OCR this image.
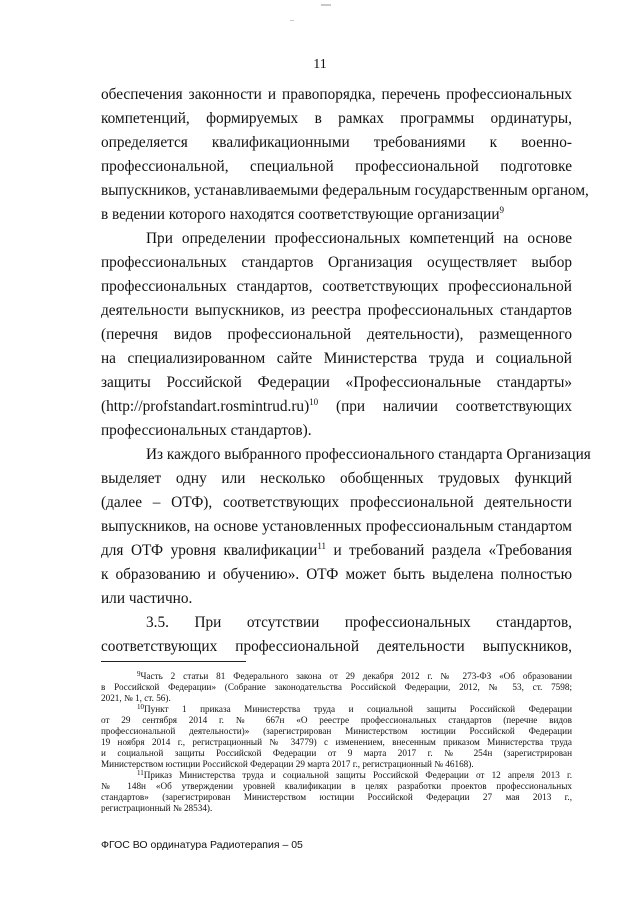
11
обеспечения законности и правопорядка, перечень профессиональных
компетенций, формируемых в рамках программы ординатуры,
определяется квалификационными требованиями к военно-
профессиональной, специальной профессиональной подготовке
выпускников, устанавливаемыми федеральным государственным органом,
в ведении которого находятся соответствующие организации$^9$
При определении профессиональных компетенций на основе
профессиональных стандартов Организация осуществляет выбор
профессиональных стандартов, соответствующих профессиональной
деятельности выпускников, из реестра профессиональных стандартов
(перечня видов профессиональной деятельности), размещенного
на специализированном сайте Министерства труда и социальной
защиты Российской Федерации «Профессиональные стандарты»
(http://profstandart.rosmintrud.ru)$^{10}$ (при наличии соответствующих
профессиональных стандартов).
Из каждого выбранного профессионального стандарта Организация
выделяет одну или несколько обобщенных трудовых функций
(далее – ОТФ), соответствующих профессиональной деятельности
выпускников, на основе установленных профессиональным стандартом
для ОТФ уровня квалификации$^{11}$ и требований раздела «Требования
к образованию и обучению». ОТФ может быть выделена полностью
или частично.
3.5. При отсутствии профессиональных стандартов,
соответствующих профессиональной деятельности выпускников,
$^9$Часть 2 статьи 81 Федерального закона от 29 декабря 2012 г. № 273-ФЗ «Об образовании
в Российской Федерации» (Собрание законодательства Российской Федерации, 2012, № 53, ст. 7598;
2021, № 1, ст. 56).
$^{10}$Пункт 1 приказа Министерства труда и социальной защиты Российской Федерации
от 29 сентября 2014 г. № 667н «О реестре профессиональных стандартов (перечне видов
профессиональной деятельности)» (зарегистрирован Министерством юстиции Российской Федерации
19 ноября 2014 г., регистрационный № 34779) с изменением, внесенным приказом Министерства труда
и социальной защиты Российской Федерации от 9 марта 2017 г. № 254н (зарегистрирован
Министерством юстиции Российской Федерации 29 марта 2017 г., регистрационный № 46168).
$^{11}$Приказ Министерства труда и социальной защиты Российской Федерации от 12 апреля 2013 г.
№ 148н «Об утверждении уровней квалификации в целях разработки проектов профессиональных
стандартов» (зарегистрирован Министерством юстиции Российской Федерации 27 мая 2013 г.,
регистрационный № 28534).
ФГОС ВО ординатура Радиотерапия – 05
